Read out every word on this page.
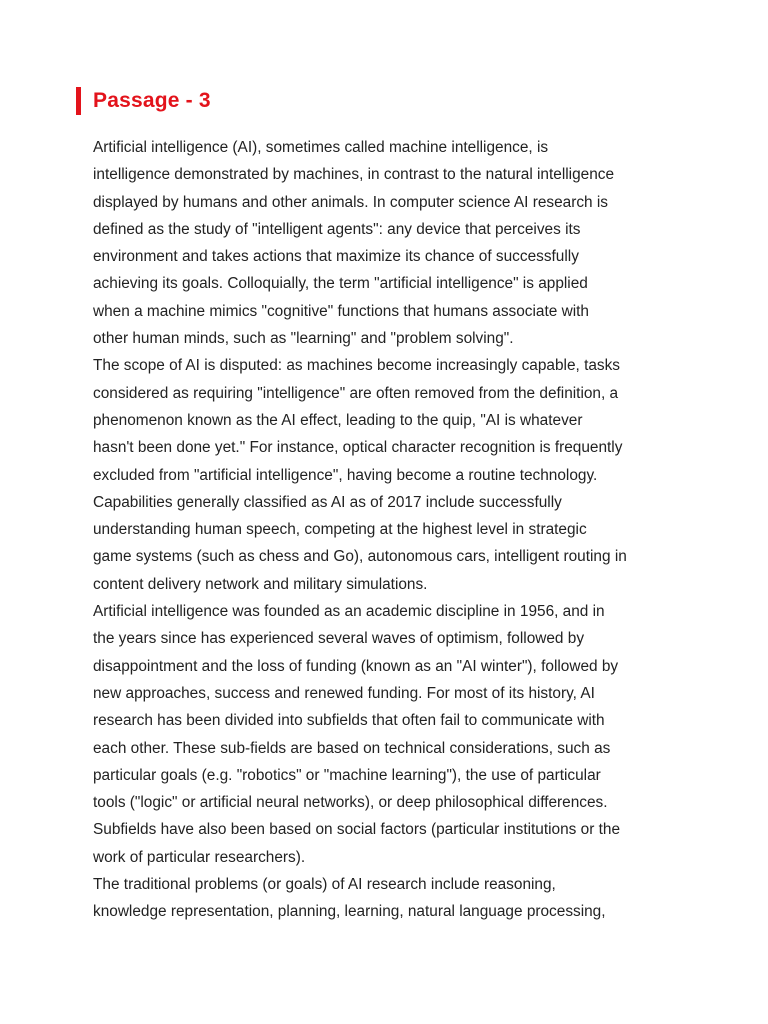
Passage - 3
Artificial intelligence (AI), sometimes called machine intelligence, is
intelligence demonstrated by machines, in contrast to the natural intelligence
displayed by humans and other animals. In computer science AI research is
defined as the study of "intelligent agents": any device that perceives its
environment and takes actions that maximize its chance of successfully
achieving its goals. Colloquially, the term "artificial intelligence" is applied
when a machine mimics "cognitive" functions that humans associate with
other human minds, such as "learning" and "problem solving".
The scope of AI is disputed: as machines become increasingly capable, tasks
considered as requiring "intelligence" are often removed from the definition, a
phenomenon known as the AI effect, leading to the quip, "AI is whatever
hasn't been done yet." For instance, optical character recognition is frequently
excluded from "artificial intelligence", having become a routine technology.
Capabilities generally classified as AI as of 2017 include successfully
understanding human speech, competing at the highest level in strategic
game systems (such as chess and Go), autonomous cars, intelligent routing in
content delivery network and military simulations.
Artificial intelligence was founded as an academic discipline in 1956, and in
the years since has experienced several waves of optimism, followed by
disappointment and the loss of funding (known as an "AI winter"), followed by
new approaches, success and renewed funding. For most of its history, AI
research has been divided into subfields that often fail to communicate with
each other. These sub-fields are based on technical considerations, such as
particular goals (e.g. "robotics" or "machine learning"), the use of particular
tools ("logic" or artificial neural networks), or deep philosophical differences.
Subfields have also been based on social factors (particular institutions or the
work of particular researchers).
The traditional problems (or goals) of AI research include reasoning,
knowledge representation, planning, learning, natural language processing,
